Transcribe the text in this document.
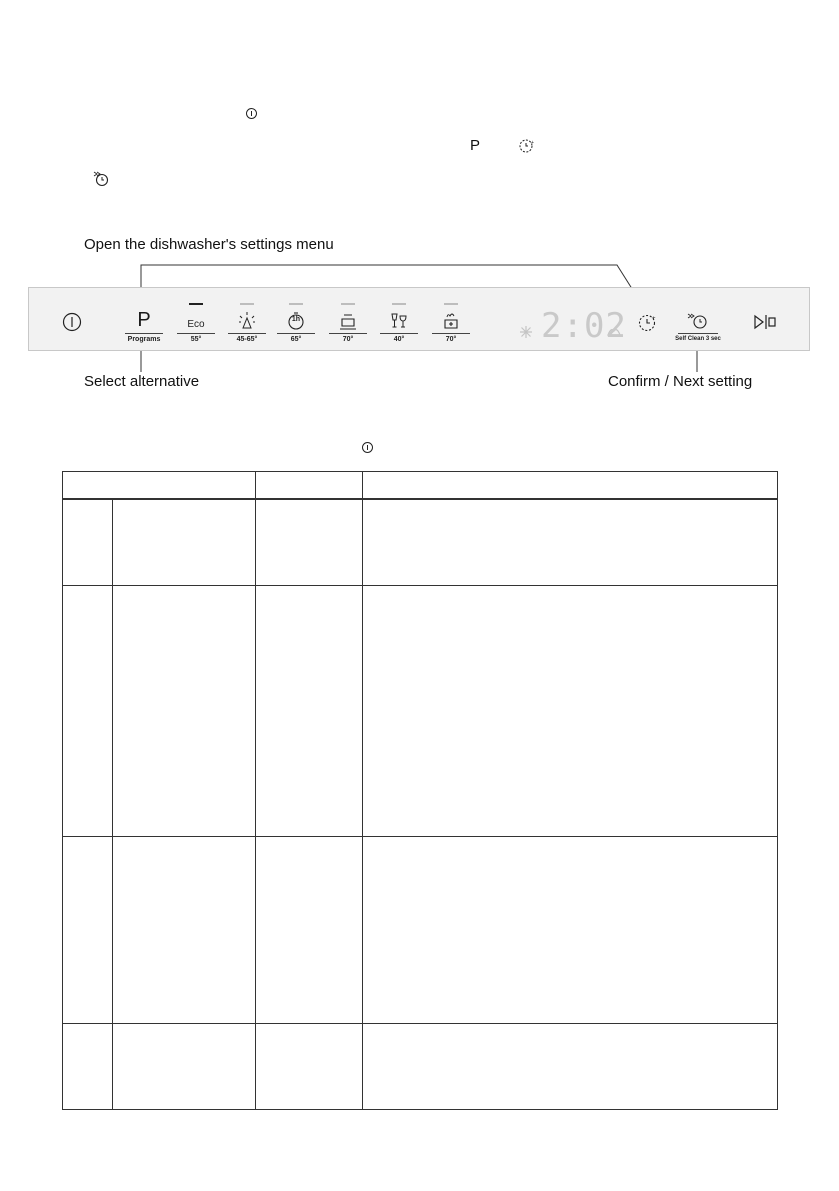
P	+
Open the dishwasher's settings menu
Select alternative	Confirm / Next setting
P
Programs
Eco
55°	45-65°
1h
65°	70°	40°	70°
+
Self Clean 3 sec
2:02
